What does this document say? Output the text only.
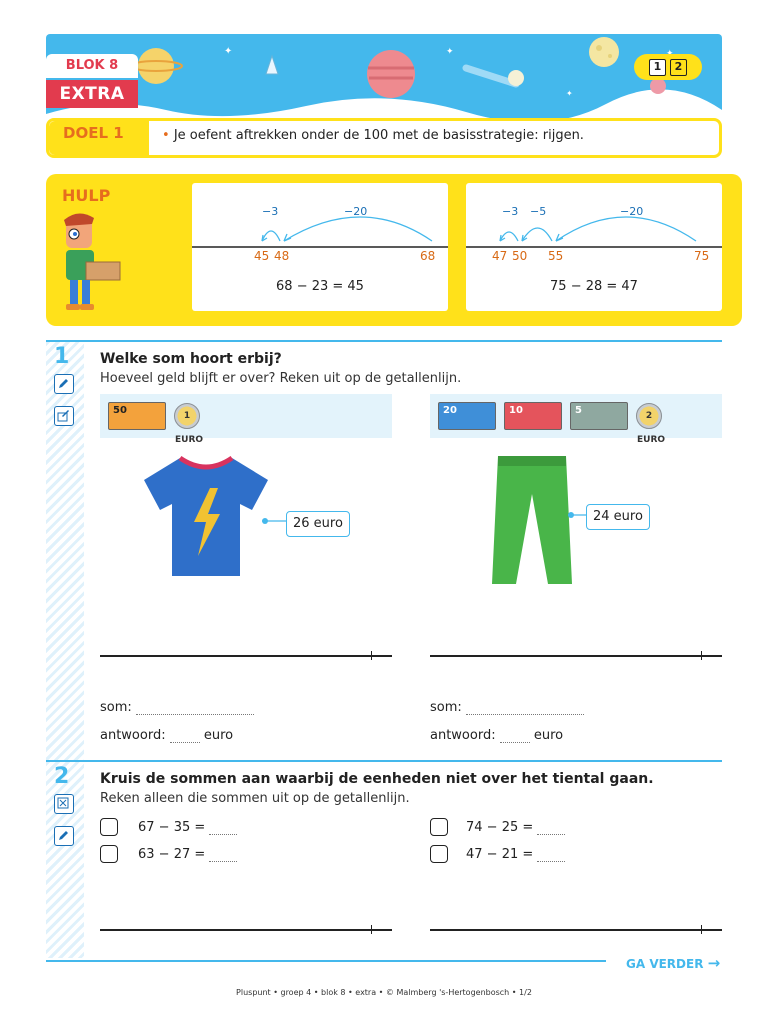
✦	✦
✦
BLOK 8
EXTRA
1	2
DOEL 1	• Je oefent aftrekken onder de 100 met de basisstrategie: rijgen.
HULP
−3	−20
45 48	68
68 − 23 = 45
−3 −5	−20
47 50 55	75
75 − 28 = 47
1 Welke som hoort erbij?
Hoeveel geld blijft er over? Reken uit op de getallenlijn.
50	1 EURO
20	10	5	2 EURO
26 euro	24 euro
som:
antwoord:	euro
som:
antwoord:	euro
2 Kruis de sommen aan waarbij de eenheden niet over het tiental gaan.
Reken alleen die sommen uit op de getallenlijn.
67 − 35 =
63 − 27 =
74 − 25 =
47 − 21 =
GA VERDER →
Pluspunt • groep 4 • blok 8 • extra • © Malmberg 's-Hertogenbosch • 1/2
